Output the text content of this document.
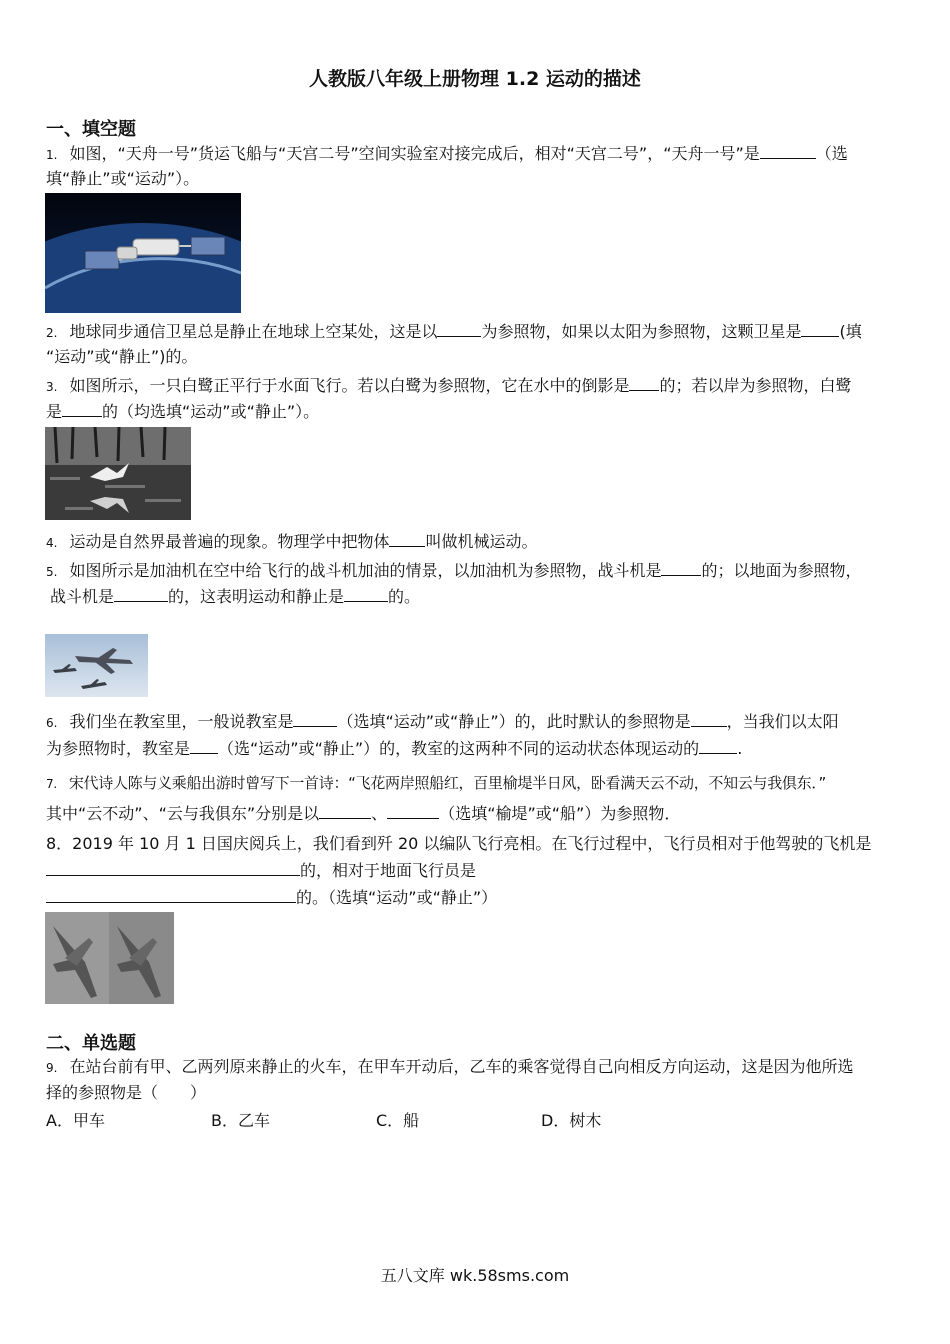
人教版八年级上册物理 1.2 运动的描述
一、填空题
1. 如图，“天舟一号”货运飞船与“天宫二号”空间实验室对接完成后，相对“天宫二号”，“天舟一号”是	（选
填“静止”或“运动”）。
2. 地球同步通信卫星总是静止在地球上空某处，这是以	为参照物，如果以太阳为参照物，这颗卫星是 (填
“运动”或“静止”)的。
3. 如图所示，一只白鹭正平行于水面飞行。若以白鹭为参照物，它在水中的倒影是 的；若以岸为参照物，白鹭
是	的（均选填“运动”或“静止”）。
4. 运动是自然界最普遍的现象。物理学中把物体 叫做机械运动。
5. 如图所示是加油机在空中给飞行的战斗机加油的情景，以加油机为参照物，战斗机是	的；以地面为参照物，
战斗机是	的，这表明运动和静止是	的。
6. 我们坐在教室里，一般说教室是	（选填“运动”或“静止”）的，此时默认的参照物是 ，当我们以太阳
为参照物时，教室是 （选“运动”或“静止”）的，教室的这两种不同的运动状态体现运动的 .
7. 宋代诗人陈与义乘船出游时曾写下一首诗：“飞花两岸照船红，百里榆堤半日风，卧看满天云不动，不知云与我俱东．”
其中“云不动”、“云与我俱东”分别是以	、	（选填“榆堤”或“船”）为参照物．
8．2019 年 10 月 1 日国庆阅兵上，我们看到歼 20 以编队飞行亮相。在飞行过程中，飞行员相对于他驾驶的飞机是
的，相对于地面飞行员是
的。（选填“运动”或“静止”）
二、单选题
9. 在站台前有甲、乙两列原来静止的火车，在甲车开动后，乙车的乘客觉得自己向相反方向运动，这是因为他所选
择的参照物是（　　）
A．甲车	B．乙车	C．船	D．树木
五八文库 wk.58sms.com
